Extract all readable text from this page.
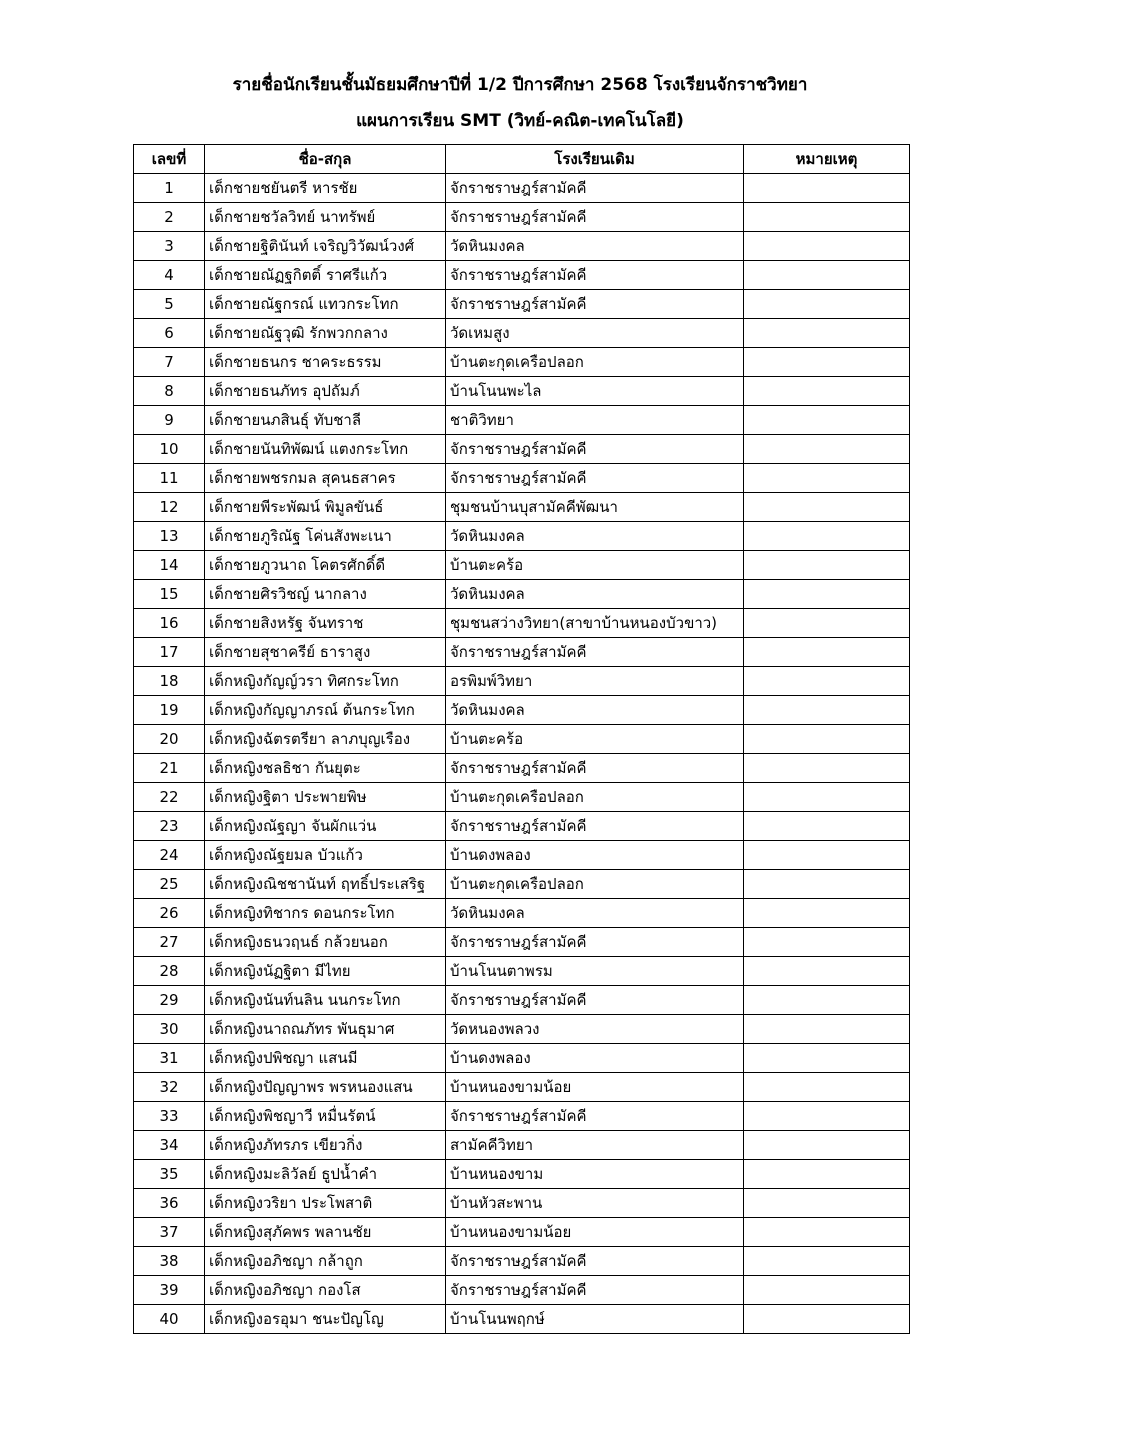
รายชื่อนักเรียนชั้นมัธยมศึกษาปีที่ 1/2 ปีการศึกษา 2568 โรงเรียนจักราชวิทยา
แผนการเรียน SMT (วิทย์-คณิต-เทคโนโลยี)
เลขที่	ชื่อ-สกุล	โรงเรียนเดิม	หมายเหตุ
1	เด็กชายชยันตรี หารชัย	จักราชราษฎร์สามัคคี	
2	เด็กชายชวัลวิทย์ นาทรัพย์	จักราชราษฎร์สามัคคี	
3	เด็กชายฐิตินันท์ เจริญวิวัฒน์วงศ์	วัดหินมงคล	
4	เด็กชายณัฏฐกิตติ์ ราศรีแก้ว	จักราชราษฎร์สามัคคี	
5	เด็กชายณัฐกรณ์ แทวกระโทก	จักราชราษฎร์สามัคคี	
6	เด็กชายณัฐวุฒิ รักพวกกลาง	วัดเหมสูง	
7	เด็กชายธนกร ชาคระธรรม	บ้านตะกุดเครือปลอก	
8	เด็กชายธนภัทร อุปถัมภ์	บ้านโนนพะไล	
9	เด็กชายนภสินธุ์ ทับชาลี	ชาติวิทยา	
10	เด็กชายนันทิพัฒน์ แตงกระโทก	จักราชราษฎร์สามัคคี	
11	เด็กชายพชรกมล สุคนธสาคร	จักราชราษฎร์สามัคคี	
12	เด็กชายพีระพัฒน์ พิมูลขันธ์	ชุมชนบ้านบุสามัคคีพัฒนา	
13	เด็กชายภูริณัฐ โค่นสังพะเนา	วัดหินมงคล	
14	เด็กชายภูวนาถ โคตรศักดิ์ดี	บ้านตะคร้อ	
15	เด็กชายศิรวิชญ์ นากลาง	วัดหินมงคล	
16	เด็กชายสิงหรัฐ จันทราช	ชุมชนสว่างวิทยา(สาขาบ้านหนองบัวขาว)	
17	เด็กชายสุชาครีย์ ธาราสูง	จักราชราษฎร์สามัคคี	
18	เด็กหญิงกัญญ์วรา ทิศกระโทก	อรพิมพ์วิทยา	
19	เด็กหญิงกัญญาภรณ์ ต้นกระโทก	วัดหินมงคล	
20	เด็กหญิงฉัตรตรียา ลาภบุญเรือง	บ้านตะคร้อ	
21	เด็กหญิงชลธิชา กันยุตะ	จักราชราษฎร์สามัคคี	
22	เด็กหญิงฐิตา ประพายพิษ	บ้านตะกุดเครือปลอก	
23	เด็กหญิงณัฐญา จันผักแว่น	จักราชราษฎร์สามัคคี	
24	เด็กหญิงณัฐยมล บัวแก้ว	บ้านดงพลอง	
25	เด็กหญิงณิชชานันท์ ฤทธิ์ประเสริฐ	บ้านตะกุดเครือปลอก	
26	เด็กหญิงทิชากร ดอนกระโทก	วัดหินมงคล	
27	เด็กหญิงธนวฤนธ์ กล้วยนอก	จักราชราษฎร์สามัคคี	
28	เด็กหญิงนัฏฐิตา มีไทย	บ้านโนนตาพรม	
29	เด็กหญิงนันท์นลิน นนกระโทก	จักราชราษฎร์สามัคคี	
30	เด็กหญิงนาถณภัทร พันธุมาศ	วัดหนองพลวง	
31	เด็กหญิงปพิชญา แสนมี	บ้านดงพลอง	
32	เด็กหญิงปัญญาพร พรหนองแสน	บ้านหนองขามน้อย	
33	เด็กหญิงพิชญาวี หมื่นรัตน์	จักราชราษฎร์สามัคคี	
34	เด็กหญิงภัทรภร เขียวกิ่ง	สามัคคีวิทยา	
35	เด็กหญิงมะลิวัลย์ ธูปน้ำคำ	บ้านหนองขาม	
36	เด็กหญิงวริยา ประโพสาติ	บ้านหัวสะพาน	
37	เด็กหญิงสุภัคพร พลานชัย	บ้านหนองขามน้อย	
38	เด็กหญิงอภิชญา กล้าถูก	จักราชราษฎร์สามัคคี	
39	เด็กหญิงอภิชญา กองโส	จักราชราษฎร์สามัคคี	
40	เด็กหญิงอรอุมา ชนะปัญโญ	บ้านโนนพฤกษ์	
